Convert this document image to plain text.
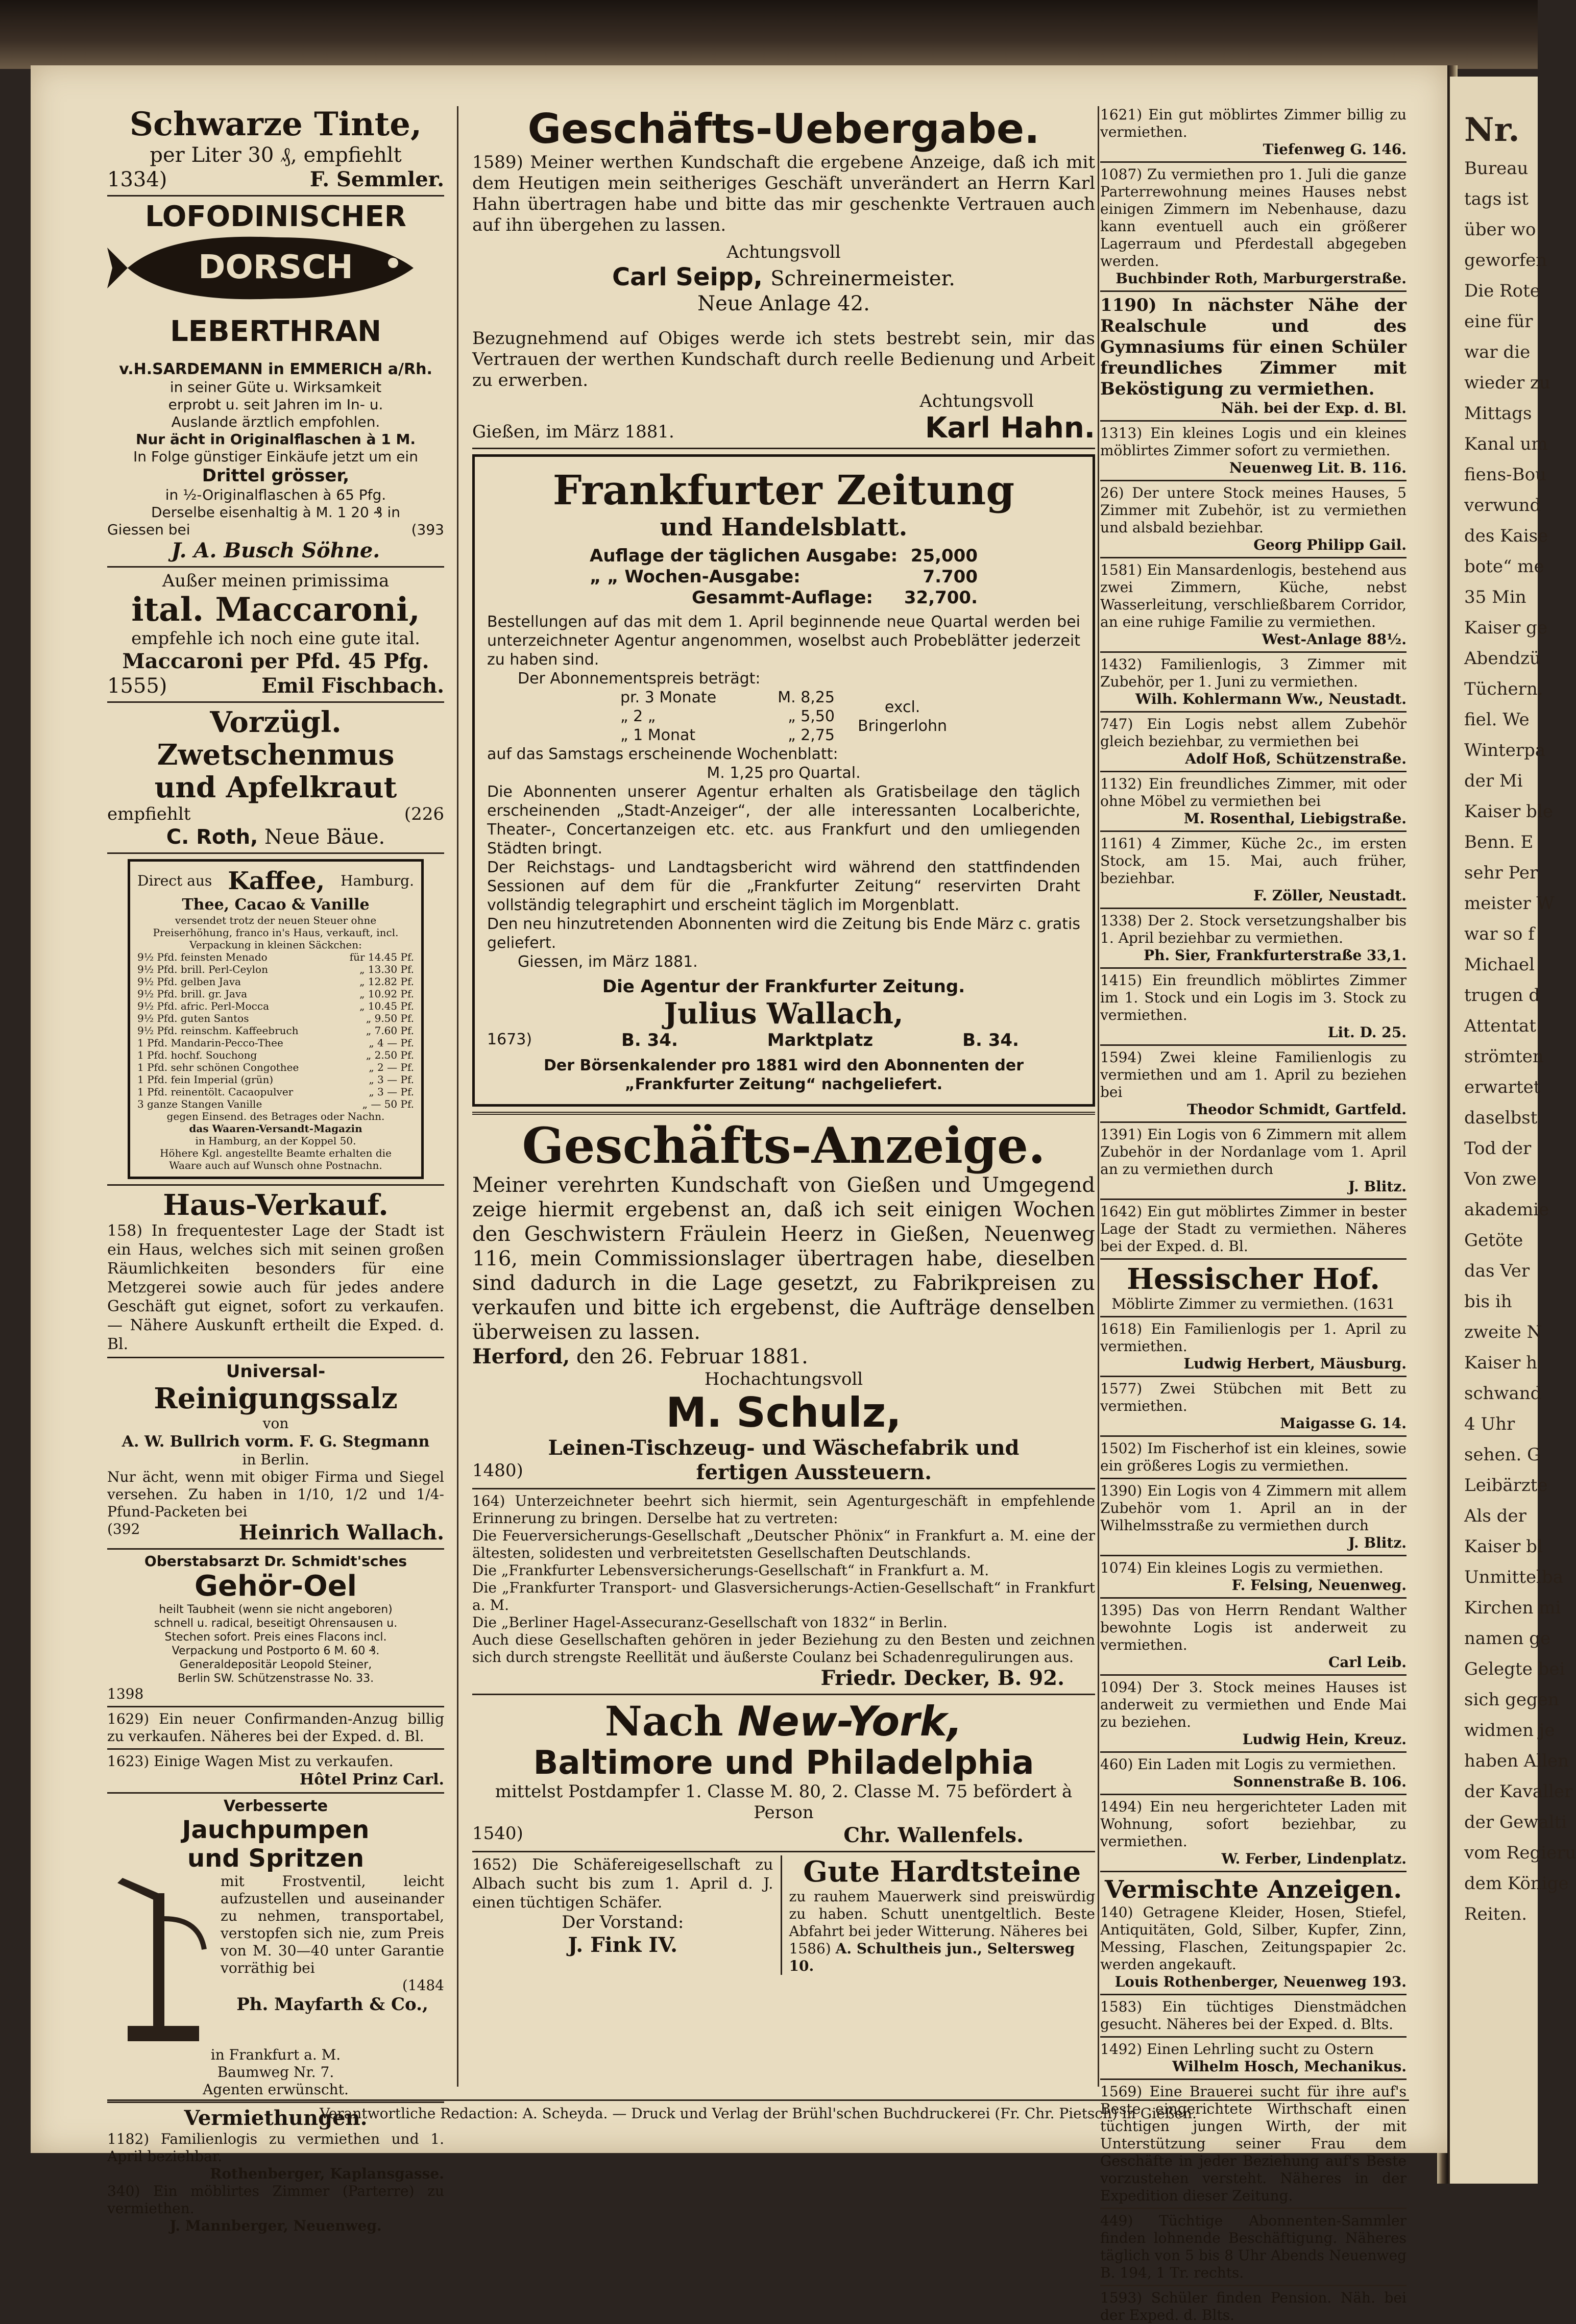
Schwarze Tinte,
per Liter 30 ₰, empfiehlt
1334)	F. Semmler.
LOFODINISCHER
DORSCH
LEBERTHRAN
v.H.SARDEMANN in EMMERICH a/Rh.
in seiner Güte u. Wirksamkeit
erprobt u. seit Jahren im In- u.
Auslande ärztlich empfohlen.
Nur ächt in Originalflaschen à 1 M.
In Folge günstiger Einkäufe jetzt um ein
Drittel grösser,
in ½-Originalflaschen à 65 Pfg.
Derselbe eisenhaltig à M. 1 20 ₰ in
Giessen bei	(393
J. A. Busch Söhne.
Außer meinen primissima
ital. Maccaroni,
empfehle ich noch eine gute ital.
Maccaroni per Pfd. 45 Pfg.
1555)	Emil Fischbach.
Vorzügl. Zwetschenmus
und Apfelkraut
empfiehlt	(226
C. Roth, Neue Bäue.
Direct aus Kaffee, Hamburg.
Thee, Cacao & Vanille
versendet trotz der neuen Steuer ohne Preiserhöhung, franco in's Haus, verkauft, incl.
Verpackung in kleinen Säckchen:
9½ Pfd. feinsten Menado	für 14.45 Pf.
9½ Pfd. brill. Perl-Ceylon	„ 13.30 Pf.
9½ Pfd. gelben Java	„ 12.82 Pf.
9½ Pfd. brill. gr. Java	„ 10.92 Pf.
9½ Pfd. afric. Perl-Mocca	„ 10.45 Pf.
9½ Pfd. guten Santos	„ 9.50 Pf.
9½ Pfd. reinschm. Kaffeebruch	„ 7.60 Pf.
1 Pfd. Mandarin-Pecco-Thee	„ 4 — Pf.
1 Pfd. hochf. Souchong	„ 2.50 Pf.
1 Pfd. sehr schönen Congothee	„ 2 — Pf.
1 Pfd. fein Imperial (grün)	„ 3 — Pf.
1 Pfd. reinentölt. Cacaopulver	„ 3 — Pf.
3 ganze Stangen Vanille	„ — 50 Pf.
gegen Einsend. des Betrages oder Nachn.
das Waaren-Versandt-Magazin
in Hamburg, an der Koppel 50.
Höhere Kgl. angestellte Beamte erhalten die
Waare auch auf Wunsch ohne Postnachn.
Haus-Verkauf.
158) In frequentester Lage der Stadt ist ein Haus, welches sich mit seinen großen Räumlichkeiten besonders für eine Metzgerei sowie auch für jedes andere Geschäft gut eignet, sofort zu verkaufen. — Nähere Auskunft ertheilt die Exped. d. Bl.
Universal-
Reinigungssalz
von
A. W. Bullrich vorm. F. G. Stegmann
in Berlin.
Nur ächt, wenn mit obiger Firma und Siegel versehen. Zu haben in 1/10, 1/2 und 1/4-Pfund-Packeten bei
(392	Heinrich Wallach.
Oberstabsarzt Dr. Schmidt'sches
Gehör-Oel
heilt Taubheit (wenn sie nicht angeboren)
schnell u. radical, beseitigt Ohrensausen u.
Stechen sofort. Preis eines Flacons incl.
Verpackung und Postporto 6 M. 60 ₰.
Generaldepositär Leopold Steiner,
Berlin SW. Schützenstrasse No. 33.
1398
1629) Ein neuer Confirmanden-Anzug billig zu verkaufen. Näheres bei der Exped. d. Bl.
1623) Einige Wagen Mist zu verkaufen.
Hôtel Prinz Carl.
Verbesserte
Jauchpumpen
und Spritzen
mit Frostventil, leicht aufzustellen und auseinander zu nehmen, transportabel, verstopfen sich nie, zum Preis von M. 30—40 unter Garantie vorräthig bei
(1484
Ph. Mayfarth & Co.,
in Frankfurt a. M.
Baumweg Nr. 7.
Agenten erwünscht.
Vermiethungen.
1182) Familienlogis zu vermiethen und 1. April beziehbar.
Rothenberger, Kaplansgasse.
340) Ein möblirtes Zimmer (Parterre) zu vermiethen.
J. Mannberger, Neuenweg.
Geschäfts-Uebergabe.
1589) Meiner werthen Kundschaft die ergebene Anzeige, daß ich mit dem Heutigen mein seitheriges Geschäft unverändert an Herrn Karl Hahn übertragen habe und bitte das mir geschenkte Vertrauen auch auf ihn übergehen zu lassen.
Achtungsvoll
Carl Seipp, Schreinermeister.
Neue Anlage 42.
Bezugnehmend auf Obiges werde ich stets bestrebt sein, mir das Vertrauen der werthen Kundschaft durch reelle Bedienung und Arbeit zu erwerben.
Achtungsvoll
Gießen, im März 1881.	Karl Hahn.
Frankfurter Zeitung
und Handelsblatt.
Auflage der täglichen Ausgabe: 25,000
„ „ Wochen-Ausgabe:	7.700
Gesammt-Auflage: 32,700.
Bestellungen auf das mit dem 1. April beginnende neue Quartal werden bei unterzeichneter Agentur angenommen, woselbst auch Probeblätter jederzeit zu haben sind.
Der Abonnementspreis beträgt:
pr. 3 Monate	M. 8,25
„ 2 „	„ 5,50
„ 1 Monat	„ 2,75
excl.
Bringerlohn
auf das Samstags erscheinende Wochenblatt:
M. 1,25 pro Quartal.
Die Abonnenten unserer Agentur erhalten als Gratisbeilage den täglich erscheinenden „Stadt-Anzeiger“, der alle interessanten Localberichte, Theater-, Concertanzeigen etc. etc. aus Frankfurt und den umliegenden Städten bringt.
Der Reichstags- und Landtagsbericht wird während den stattfindenden Sessionen auf dem für die „Frankfurter Zeitung“ reservirten Draht vollständig telegraphirt und erscheint täglich im Morgenblatt.
Den neu hinzutretenden Abonnenten wird die Zeitung bis Ende März c. gratis geliefert.
Giessen, im März 1881.
Die Agentur der Frankfurter Zeitung.
Julius Wallach,
1673)	B. 34.	Marktplatz	B. 34.
Der Börsenkalender pro 1881 wird den Abonnenten der „Frankfurter Zeitung“ nachgeliefert.
Geschäfts-Anzeige.
Meiner verehrten Kundschaft von Gießen und Umgegend zeige hiermit ergebenst an, daß ich seit einigen Wochen den Geschwistern Fräulein Heerz in Gießen, Neuenweg 116, mein Commissionslager übertragen habe, dieselben sind dadurch in die Lage gesetzt, zu Fabrikpreisen zu verkaufen und bitte ich ergebenst, die Aufträge denselben überweisen zu lassen.
Herford, den 26. Februar 1881.
Hochachtungsvoll
M. Schulz,
Leinen-Tischzeug- und Wäschefabrik und
1480)	fertigen Aussteuern.
164) Unterzeichneter beehrt sich hiermit, sein Agenturgeschäft in empfehlende Erinnerung zu bringen. Derselbe hat zu vertreten:
Die Feuerversicherungs-Gesellschaft „Deutscher Phönix“ in Frankfurt a. M. eine der ältesten, solidesten und verbreitetsten Gesellschaften Deutschlands.
Die „Frankfurter Lebensversicherungs-Gesellschaft“ in Frankfurt a. M.
Die „Frankfurter Transport- und Glasversicherungs-Actien-Gesellschaft“ in Frankfurt a. M.
Die „Berliner Hagel-Assecuranz-Gesellschaft von 1832“ in Berlin.
Auch diese Gesellschaften gehören in jeder Beziehung zu den Besten und zeichnen sich durch strengste Reellität und äußerste Coulanz bei Schadenregulirungen aus.
Friedr. Decker, B. 92.
Nach New-York,
Baltimore und Philadelphia
mittelst Postdampfer 1. Classe M. 80, 2. Classe M. 75 befördert à Person
1540)	Chr. Wallenfels.
1652) Die Schäfereigesellschaft zu Albach sucht bis zum 1. April d. J. einen tüchtigen Schäfer.
Der Vorstand:
J. Fink IV.
Gute Hardtsteine
zu rauhem Mauerwerk sind preiswürdig zu haben. Schutt unentgeltlich. Beste Abfahrt bei jeder Witterung. Näheres bei
1586) A. Schultheis jun., Seltersweg 10.
1621) Ein gut möblirtes Zimmer billig zu vermiethen.
Tiefenweg G. 146.
1087) Zu vermiethen pro 1. Juli die ganze Parterrewohnung meines Hauses nebst einigen Zimmern im Nebenhause, dazu kann eventuell auch ein größerer Lagerraum und Pferdestall abgegeben werden.
Buchbinder Roth, Marburgerstraße.
1190) In nächster Nähe der Realschule und des Gymnasiums für einen Schüler freundliches Zimmer mit Beköstigung zu vermiethen.
Näh. bei der Exp. d. Bl.
1313) Ein kleines Logis und ein kleines möblirtes Zimmer sofort zu vermiethen.
Neuenweg Lit. B. 116.
26) Der untere Stock meines Hauses, 5 Zimmer mit Zubehör, ist zu vermiethen und alsbald beziehbar.
Georg Philipp Gail.
1581) Ein Mansardenlogis, bestehend aus zwei Zimmern, Küche, nebst Wasserleitung, verschließbarem Corridor, an eine ruhige Familie zu vermiethen.
West-Anlage 88½.
1432) Familienlogis, 3 Zimmer mit Zubehör, per 1. Juni zu vermiethen.
Wilh. Kohlermann Ww., Neustadt.
747) Ein Logis nebst allem Zubehör gleich beziehbar, zu vermiethen bei
Adolf Hoß, Schützenstraße.
1132) Ein freundliches Zimmer, mit oder ohne Möbel zu vermiethen bei
M. Rosenthal, Liebigstraße.
1161) 4 Zimmer, Küche 2c., im ersten Stock, am 15. Mai, auch früher, beziehbar.
F. Zöller, Neustadt.
1338) Der 2. Stock versetzungshalber bis 1. April beziehbar zu vermiethen.
Ph. Sier, Frankfurterstraße 33,1.
1415) Ein freundlich möblirtes Zimmer im 1. Stock und ein Logis im 3. Stock zu vermiethen.
Lit. D. 25.
1594) Zwei kleine Familienlogis zu vermiethen und am 1. April zu beziehen bei
Theodor Schmidt, Gartfeld.
1391) Ein Logis von 6 Zimmern mit allem Zubehör in der Nordanlage vom 1. April an zu vermiethen durch
J. Blitz.
1642) Ein gut möblirtes Zimmer in bester Lage der Stadt zu vermiethen. Näheres bei der Exped. d. Bl.
Hessischer Hof.
Möblirte Zimmer zu vermiethen. (1631
1618) Ein Familienlogis per 1. April zu vermiethen.
Ludwig Herbert, Mäusburg.
1577) Zwei Stübchen mit Bett zu vermiethen.
Maigasse G. 14.
1502) Im Fischerhof ist ein kleines, sowie ein größeres Logis zu vermiethen.
1390) Ein Logis von 4 Zimmern mit allem Zubehör vom 1. April an in der Wilhelmsstraße zu vermiethen durch
J. Blitz.
1074) Ein kleines Logis zu vermiethen.
F. Felsing, Neuenweg.
1395) Das von Herrn Rendant Walther bewohnte Logis ist anderweit zu vermiethen.
Carl Leib.
1094) Der 3. Stock meines Hauses ist anderweit zu vermiethen und Ende Mai zu beziehen.
Ludwig Hein, Kreuz.
460) Ein Laden mit Logis zu vermiethen.
Sonnenstraße B. 106.
1494) Ein neu hergerichteter Laden mit Wohnung, sofort beziehbar, zu vermiethen.
W. Ferber, Lindenplatz.
Vermischte Anzeigen.
140) Getragene Kleider, Hosen, Stiefel, Antiquitäten, Gold, Silber, Kupfer, Zinn, Messing, Flaschen, Zeitungspapier 2c. werden angekauft.
Louis Rothenberger, Neuenweg 193.
1583) Ein tüchtiges Dienstmädchen gesucht. Näheres bei der Exped. d. Blts.
1492) Einen Lehrling sucht zu Ostern
Wilhelm Hosch, Mechanikus.
1569) Eine Brauerei sucht für ihre auf's Beste eingerichtete Wirthschaft einen tüchtigen jungen Wirth, der mit Unterstützung seiner Frau dem Geschäfte in jeder Beziehung auf's Beste vorzustehen versteht. Näheres in der Expedition dieser Zeitung.
449) Tüchtige Abonnenten-Sammler finden lohnende Beschäftigung. Näheres täglich von 5 bis 8 Uhr Abends Neuenweg B. 194, 1 Tr. rechts.
1593) Schüler finden Pension. Näh. bei der Exped. d. Blts.
Verantwortliche Redaction: A. Scheyda. — Druck und Verlag der Brühl'schen Buchdruckerei (Fr. Chr. Pietsch) in Gießen.
Nr.
Bureau
tags ist
über wo
geworfen
Die Rote
eine für
war die
wieder zu
Mittags
Kanal um
fiens-Bou
verwund
des Kaise
bote“ me
35 Min
Kaiser ge
Abendzü
Tüchern.
fiel. We
Winterpa
der Mi
Kaiser ble
Benn. E
sehr Per
meister W
war so f
Michael
trugen d
Attentat
strömten
erwartet
daselbst
Tod der
Von zwe
akademie
Getöte
das Ver
bis ih
zweite N
Kaiser h
schwand
4 Uhr
sehen. G
Leibärzte
Als der
Kaiser bl
Unmittelba
Kirchen mi
namen ge
Gelegte bei
sich gegen
widmen je
haben Allen
der Kavaller
der Gewalti
vom Regieru
dem Könige
Reiten.
